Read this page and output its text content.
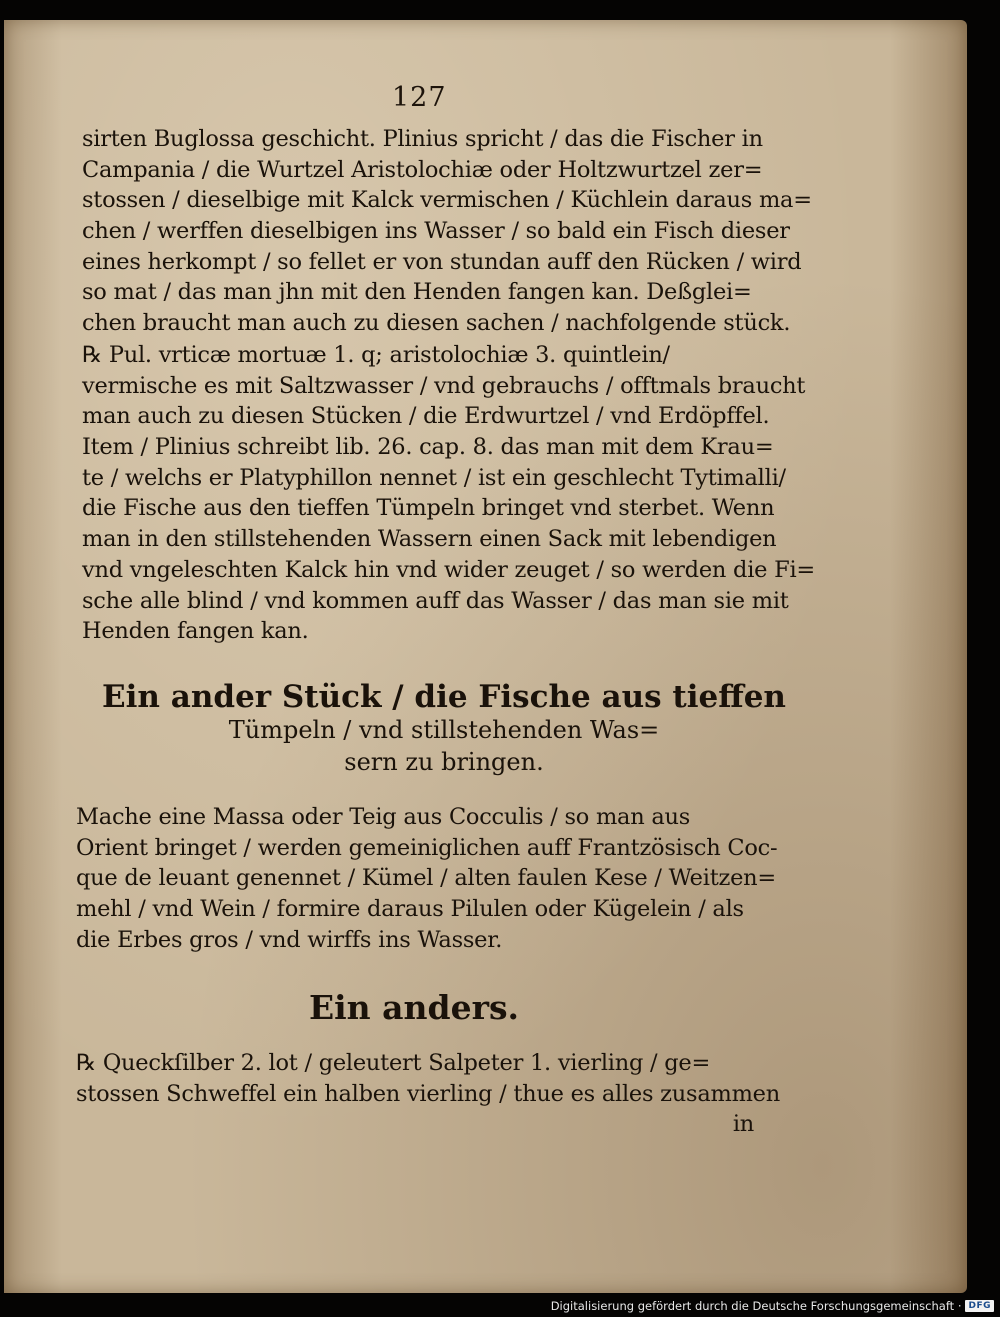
127
sirten Buglossa geschicht. Plinius spricht / das die Fischer in
Campania / die Wurtzel Aristolochiæ oder Holtzwurtzel zer=
stossen / dieselbige mit Kalck vermischen / Küchlein daraus ma=
chen / werffen dieselbigen ins Wasser / so bald ein Fisch dieser
eines herkompt / so fellet er von stundan auff den Rücken / wird
so mat / das man jhn mit den Henden fangen kan. Deßglei=
chen braucht man auch zu diesen sachen / nachfolgende stück.
℞ Pul. vrticæ mortuæ 1. q; aristolochiæ 3. quintlein/
vermische es mit Saltzwasser / vnd gebrauchs / offtmals braucht
man auch zu diesen Stücken / die Erdwurtzel / vnd Erdöpffel.
Item / Plinius schreibt lib. 26. cap. 8. das man mit dem Krau=
te / welchs er Platyphillon nennet / ist ein geschlecht Tytimalli/
die Fische aus den tieffen Tümpeln bringet vnd sterbet. Wenn
man in den stillstehenden Wassern einen Sack mit lebendigen
vnd vngeleschten Kalck hin vnd wider zeuget / so werden die Fi=
sche alle blind / vnd kommen auff das Wasser / das man sie mit
Henden fangen kan.
Ein ander Stück / die Fische aus tieffen
Tümpeln / vnd stillstehenden Was=
sern zu bringen.
Mache eine Massa oder Teig aus Cocculis / so man aus
Orient bringet / werden gemeiniglichen auff Frantzösisch Coc-
que de leuant genennet / Kümel / alten faulen Kese / Weitzen=
mehl / vnd Wein / formire daraus Pilulen oder Kügelein / als
die Erbes gros / vnd wirffs ins Wasser.
Ein anders.
℞ Queckſilber 2. lot / geleutert Salpeter 1. vierling / ge=
stossen Schweffel ein halben vierling / thue es alles zusammen
in
Digitalisierung gefördert durch die Deutsche Forschungsgemeinschaft · DFG
